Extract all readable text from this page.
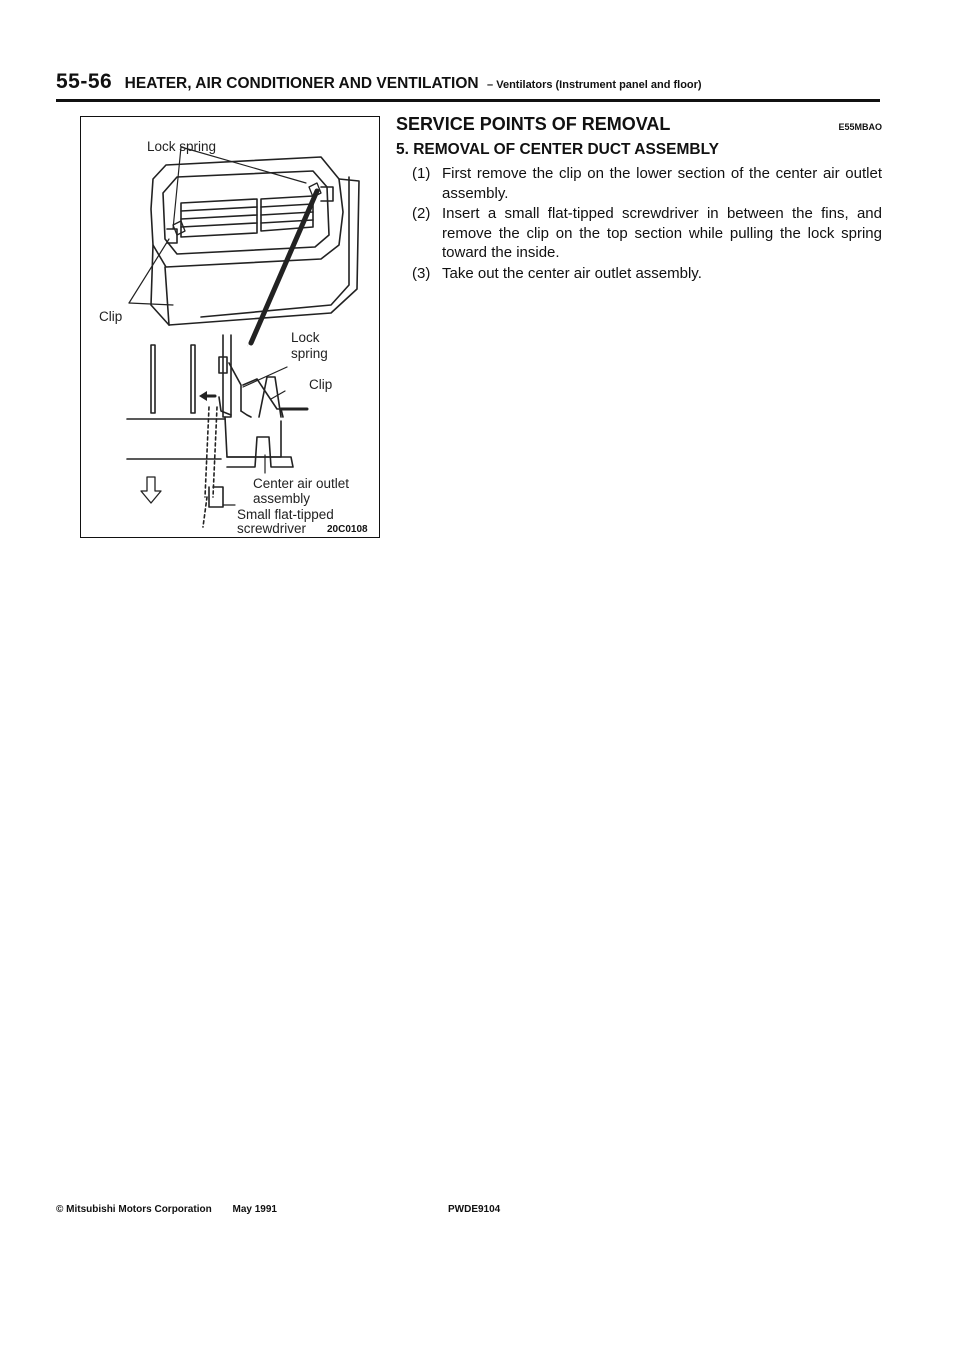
55-56 HEATER, AIR CONDITIONER AND VENTILATION – Ventilators (Instrument panel and floor)
Lock spring
Clip
Lock
spring
Clip
Center air outlet
assembly
Small flat-tipped
screwdriver 20C0108
SERVICE POINTS OF REMOVAL	E55MBAO
5. REMOVAL OF CENTER DUCT ASSEMBLY
(1) First remove the clip on the lower section of the center air outlet assembly.
(2) Insert a small flat-tipped screwdriver in between the fins, and remove the clip on the top section while pulling the lock spring toward the inside.
(3) Take out the center air outlet assembly.
© Mitsubishi Motors Corporation May 1991	PWDE9104
